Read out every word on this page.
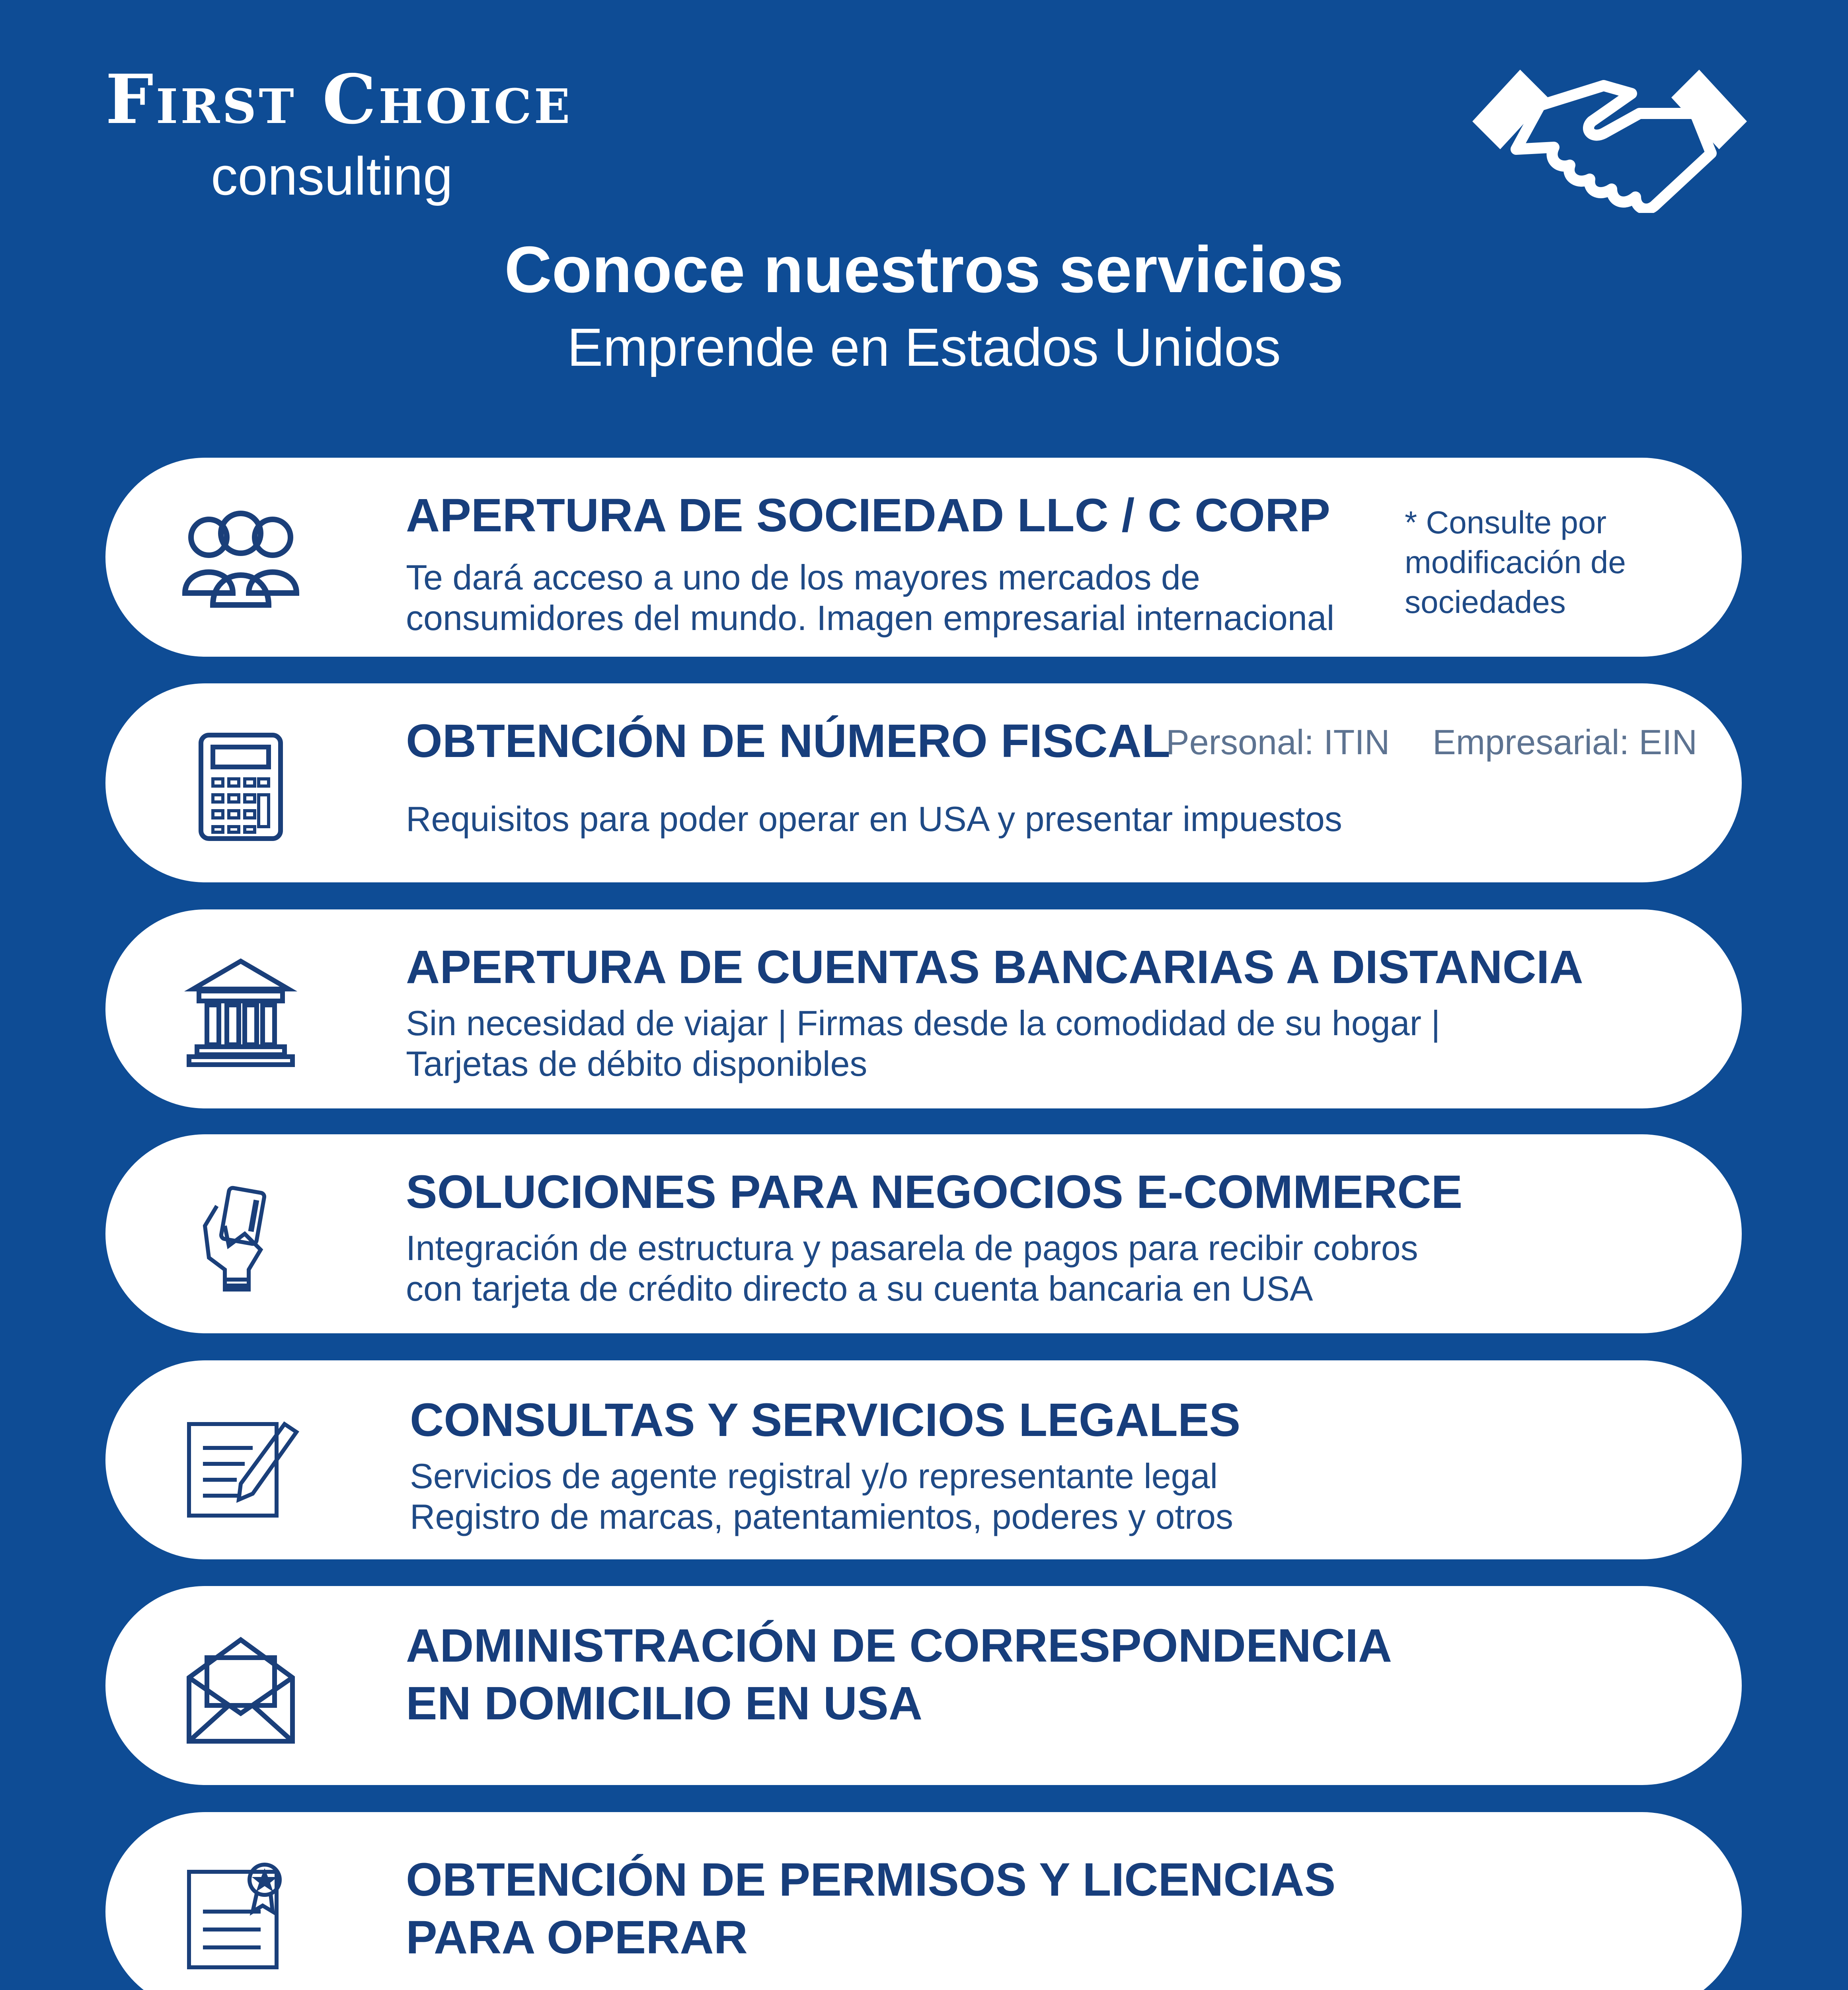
First Choice
consulting
Conoce nuestros servicios
Emprende en Estados Unidos
APERTURA DE SOCIEDAD LLC / C CORP
Te dará acceso a uno de los mayores mercados de
consumidores del mundo. Imagen empresarial internacional
* Consulte por
modificación de
sociedades
OBTENCIÓN DE NÚMERO FISCAL
Personal: ITIN Empresarial: EIN
Requisitos para poder operar en USA y presentar impuestos
APERTURA DE CUENTAS BANCARIAS A DISTANCIA
Sin necesidad de viajar | Firmas desde la comodidad de su hogar |
Tarjetas de débito disponibles
SOLUCIONES PARA NEGOCIOS E-COMMERCE
Integración de estructura y pasarela de pagos para recibir cobros
con tarjeta de crédito directo a su cuenta bancaria en USA
CONSULTAS Y SERVICIOS LEGALES
Servicios de agente registral y/o representante legal
Registro de marcas, patentamientos, poderes y otros
ADMINISTRACIÓN DE CORRESPONDENCIA
EN DOMICILIO EN USA
OBTENCIÓN DE PERMISOS Y LICENCIAS
PARA OPERAR
